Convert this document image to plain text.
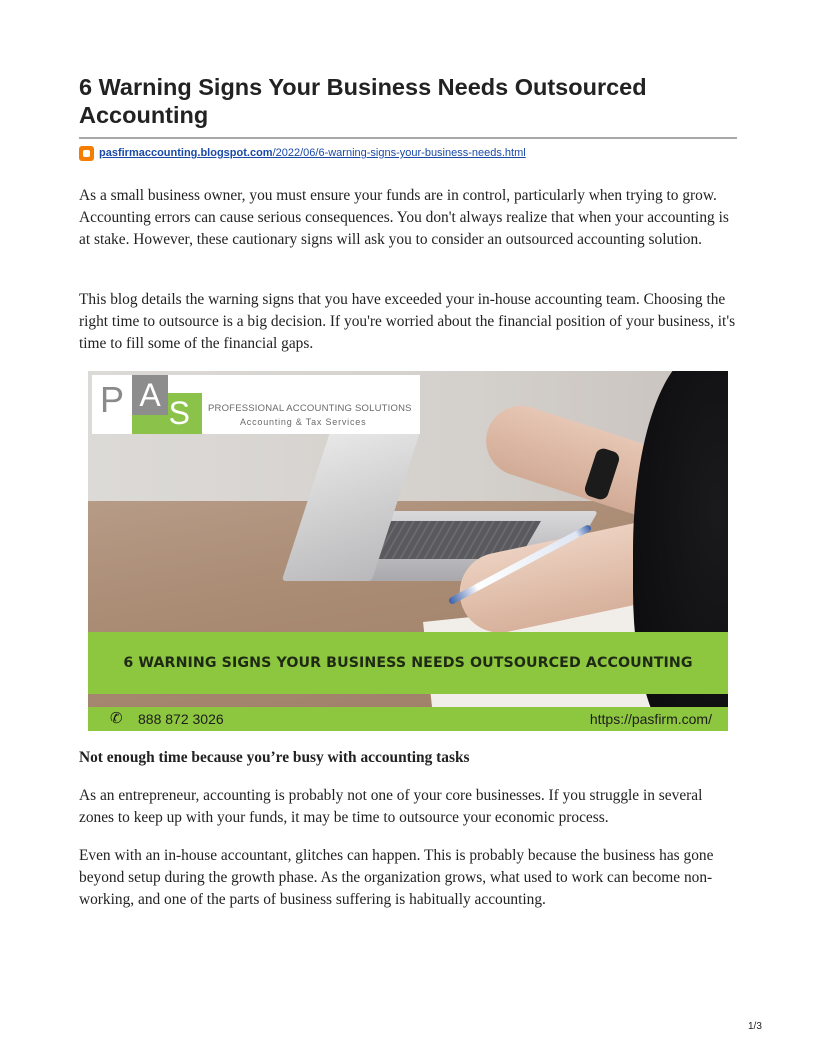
6 Warning Signs Your Business Needs Outsourced Accounting
pasfirmaccounting.blogspot.com /2022/06/6-warning-signs-your-business-needs.html

As a small business owner, you must ensure your funds are in control, particularly when trying to grow. Accounting errors can cause serious consequences. You don't always realize that when your accounting is at stake. However, these cautionary signs will ask you to consider an outsourced accounting solution.

This blog details the warning signs that you have exceeded your in-house accounting team. Choosing the right time to outsource is a big decision. If you're worried about the financial position of your business, it's time to fill some of the financial gaps.

P	S
A	PROFESSIONAL ACCOUNTING SOLUTIONS
Accounting & Tax Services
6 WARNING SIGNS YOUR BUSINESS NEEDS OUTSOURCED ACCOUNTING
✆ 888 872 3026	https://pasfirm.com/
Not enough time because you’re busy with accounting tasks

As an entrepreneur, accounting is probably not one of your core businesses. If you struggle in several zones to keep up with your funds, it may be time to outsource your economic process.

Even with an in-house accountant, glitches can happen. This is probably because the business has gone beyond setup during the growth phase. As the organization grows, what used to work can become non-working, and one of the parts of business suffering is habitually accounting.

1/3
